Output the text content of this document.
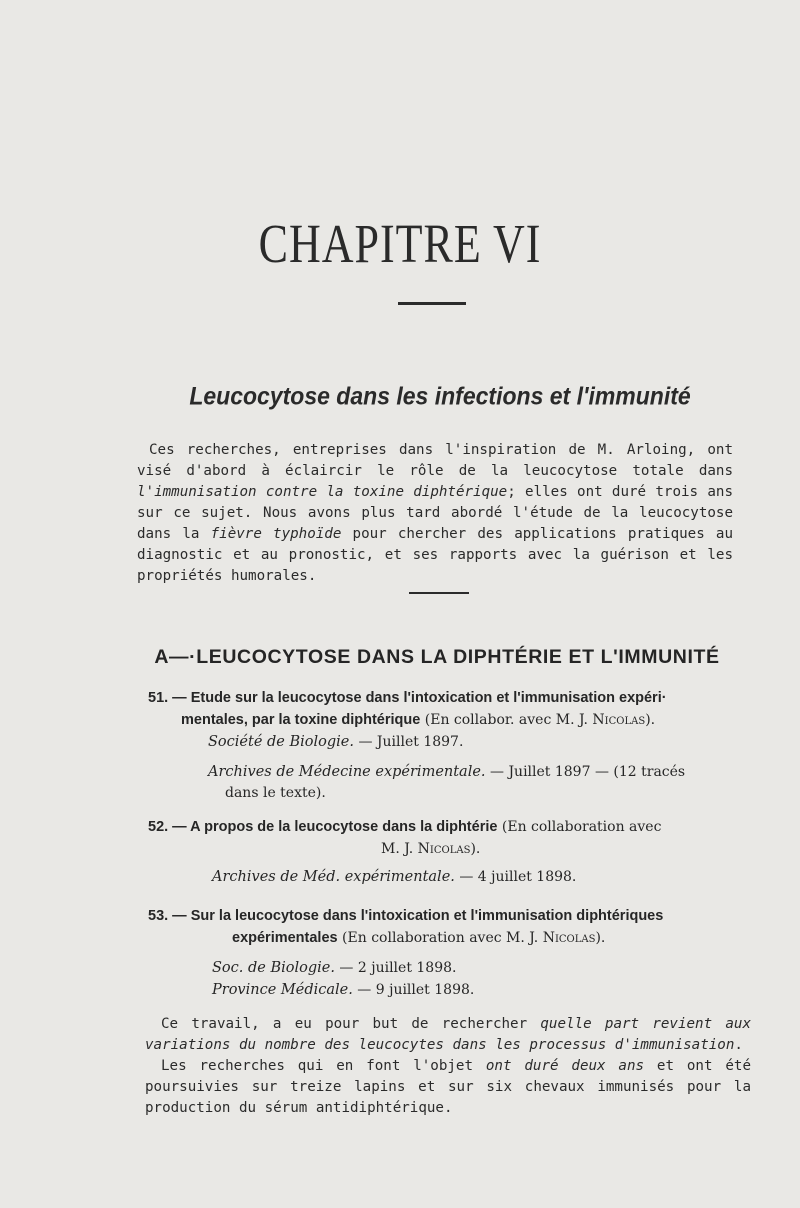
CHAPITRE VI
Leucocytose dans les infections et l'immunité

Ces recherches, entreprises dans l'inspiration de M. Arloing, ont visé d'abord à éclaircir le rôle de la leucocytose totale dans l'immunisation contre la toxine diphtérique; elles ont duré trois ans sur ce sujet. Nous avons plus tard abordé l'étude de la leucocytose dans la fièvre typhoïde pour chercher des applications pratiques au diagnostic et au pronostic, et ses rapports avec la guérison et les propriétés humorales.

A—·LEUCOCYTOSE DANS LA DIPHTÉRIE ET L'IMMUNITÉ
51. — Etude sur la leucocytose dans l'intoxication et l'immunisation expéri·
mentales, par la toxine diphtérique (En collabor. avec M. J. Nicolas).
Société de Biologie. — Juillet 1897.
Archives de Médecine expérimentale. — Juillet 1897 — (12 tracés
dans le texte).
52. — A propos de la leucocytose dans la diphtérie (En collaboration avec
M. J. Nicolas).
Archives de Méd. expérimentale. — 4 juillet 1898.
53. — Sur la leucocytose dans l'intoxication et l'immunisation diphtériques
expérimentales (En collaboration avec M. J. Nicolas).
Soc. de Biologie. — 2 juillet 1898.
Province Médicale. — 9 juillet 1898.

Ce travail, a eu pour but de rechercher quelle part revient aux variations du nombre des leucocytes dans les processus d'immunisation.

Les recherches qui en font l'objet ont duré deux ans et ont été poursuivies sur treize lapins et sur six chevaux immunisés pour la production du sérum antidiphtérique.
